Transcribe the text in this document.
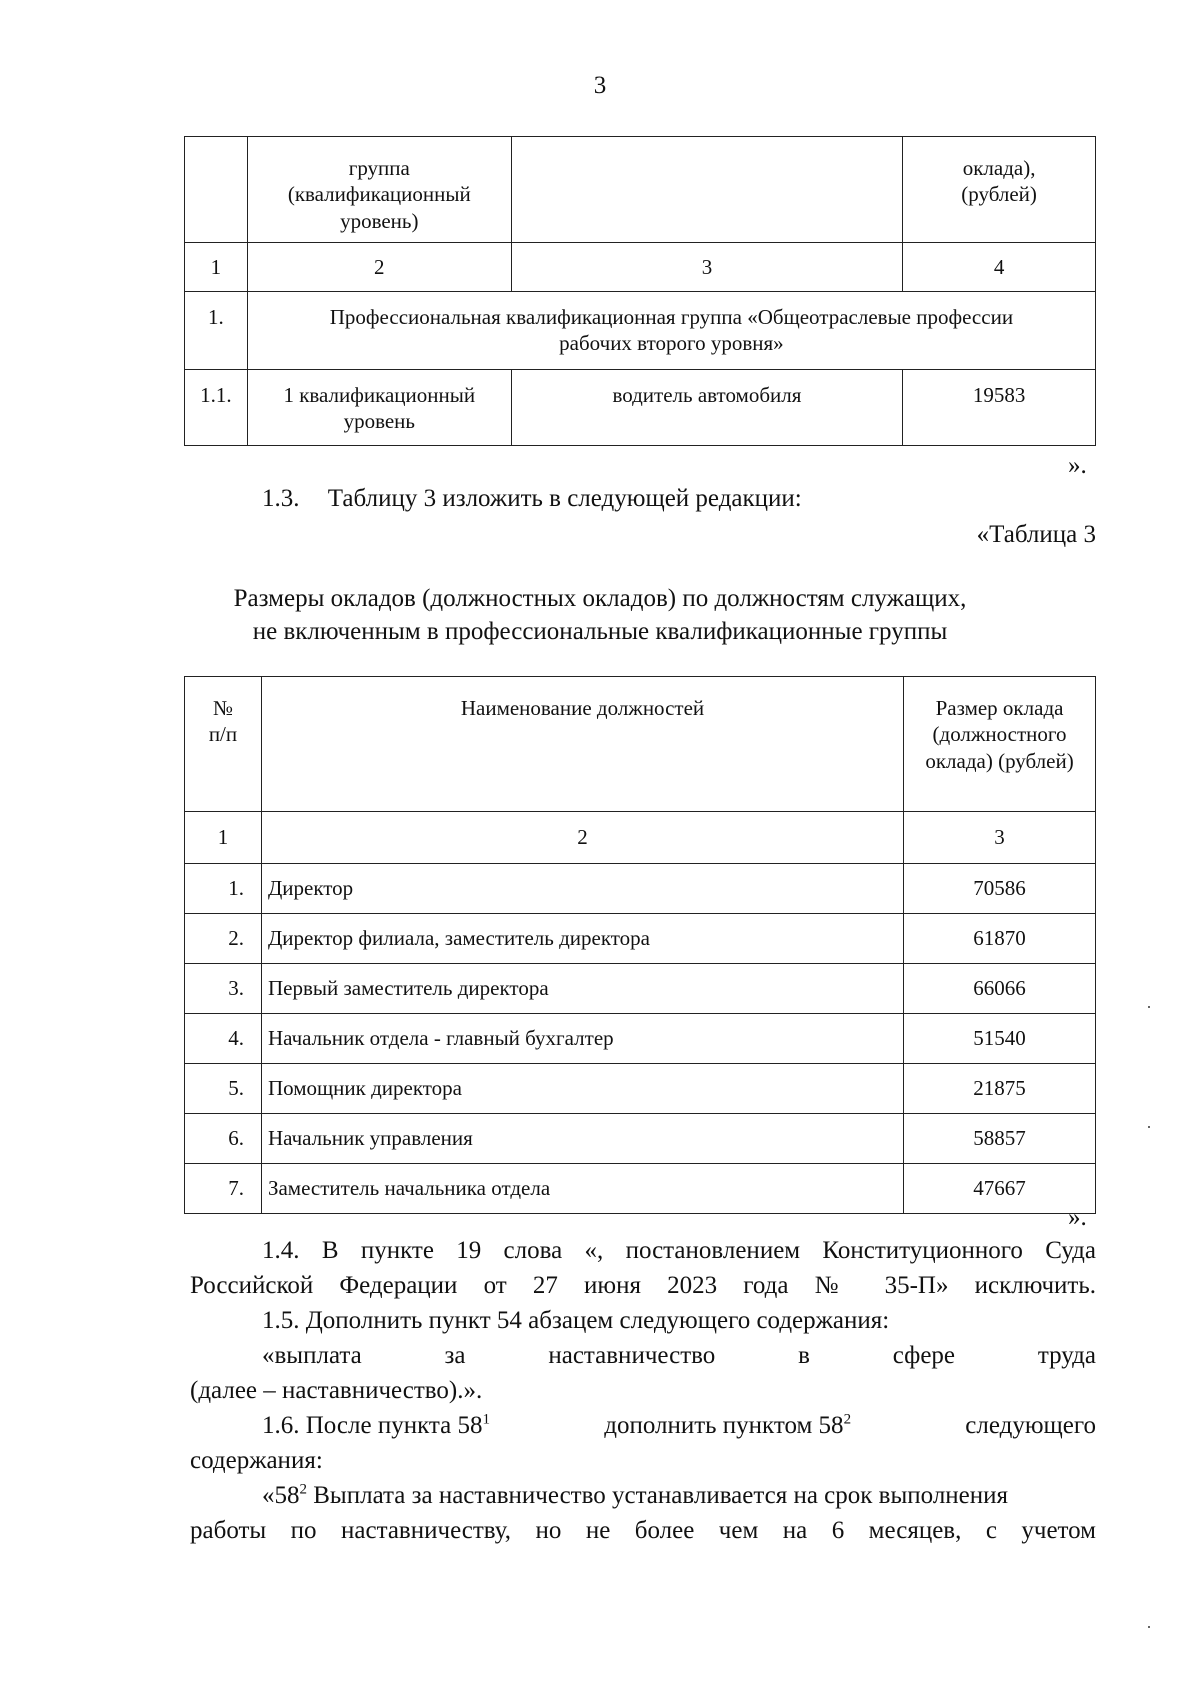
3

	группа (квалификационный уровень)		оклада), (рублей)

1	2	3	4
1.	Профессиональная квалификационная группа «Общеотраслевые профессии рабочих второго уровня»		

1.1.	1 квалификационный уровень	водитель автомобиля	19583
».
1.3. Таблицу 3 изложить в следующей редакции:
«Таблица 3
Размеры окладов (должностных окладов) по должностям служащих,
не включенным в профессиональные квалификационные группы
№ п/п	Наименование должностей	Размер оклада (должностного оклада) (рублей)

1	2	3
1.	Директор	70586
2.	Директор филиала, заместитель директора	61870
3.	Первый заместитель директора	66066
4.	Начальник отдела - главный бухгалтер	51540
5.	Помощник директора	21875
6.	Начальник управления	58857
7.	Заместитель начальника отдела	47667
».
1.4. В пункте 19 слова «, постановлением Конституционного Суда
Российской Федерации от 27 июня 2023 года № 35-П» исключить.
1.5. Дополнить пункт 54 абзацем следующего содержания:
«выплата за наставничество в сфере труда
(далее – наставничество).».
1.6. После пункта $58^1$	дополнить пунктом $58^2$	следующего
содержания:
«$58^2$ Выплата за наставничество устанавливается на срок выполнения
работы по наставничеству, но не более чем на 6 месяцев, с учетом
